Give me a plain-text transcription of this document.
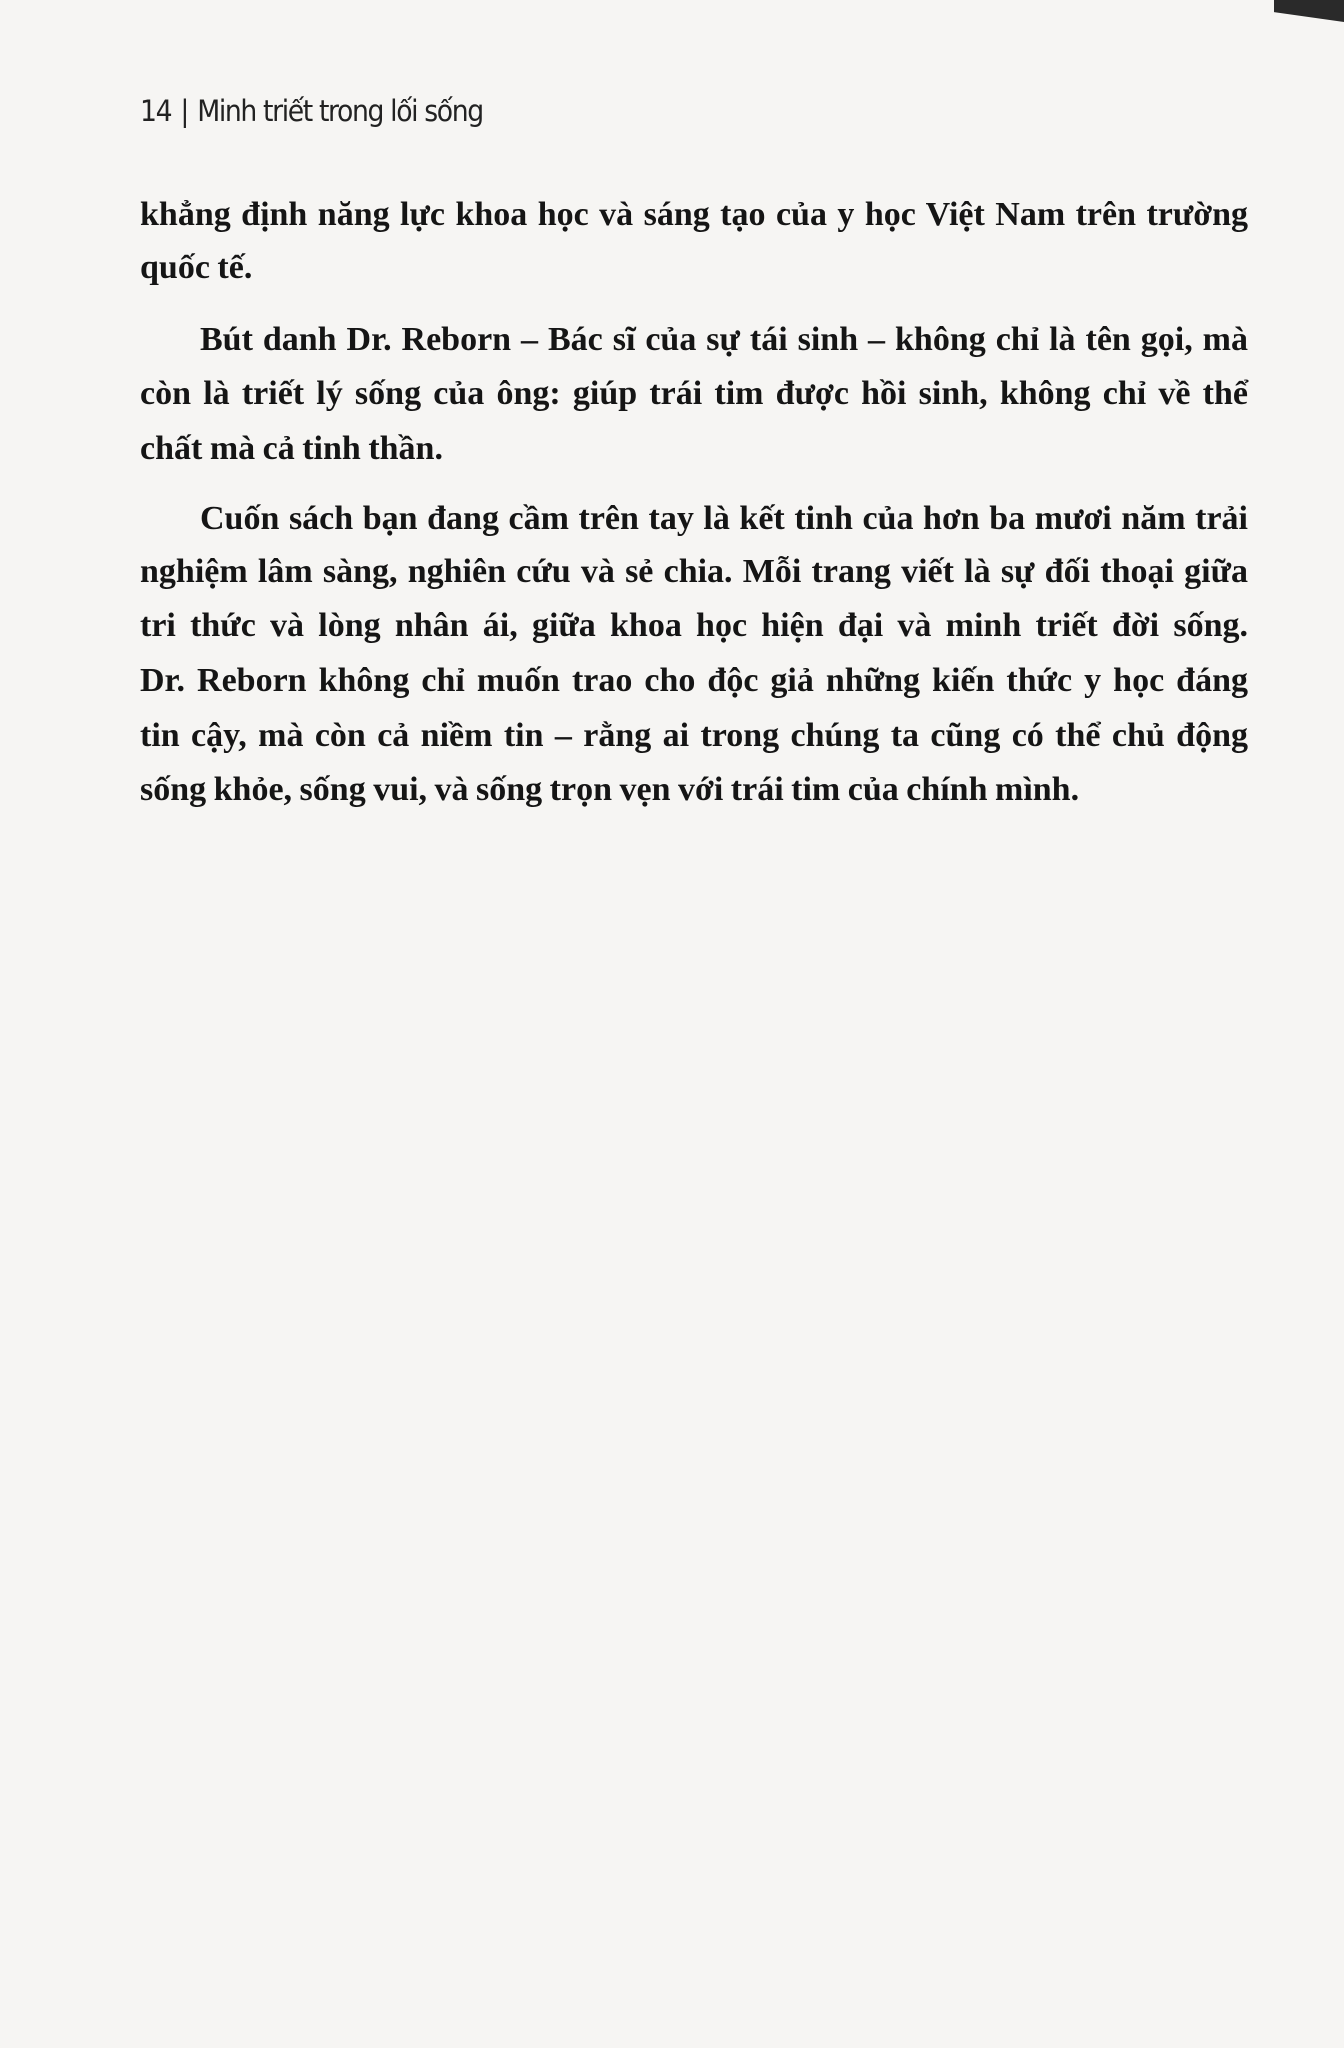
14 | Minh triết trong lối sống
khẳng định năng lực khoa học và sáng tạo của y học Việt Nam trên trường
quốc tế.
Bút danh Dr. Reborn – Bác sĩ của sự tái sinh – không chỉ là tên gọi, mà
còn là triết lý sống của ông: giúp trái tim được hồi sinh, không chỉ về thể
chất mà cả tinh thần.
Cuốn sách bạn đang cầm trên tay là kết tinh của hơn ba mươi năm trải
nghiệm lâm sàng, nghiên cứu và sẻ chia. Mỗi trang viết là sự đối thoại giữa
tri thức và lòng nhân ái, giữa khoa học hiện đại và minh triết đời sống.
Dr. Reborn không chỉ muốn trao cho độc giả những kiến thức y học đáng
tin cậy, mà còn cả niềm tin – rằng ai trong chúng ta cũng có thể chủ động
sống khỏe, sống vui, và sống trọn vẹn với trái tim của chính mình.
